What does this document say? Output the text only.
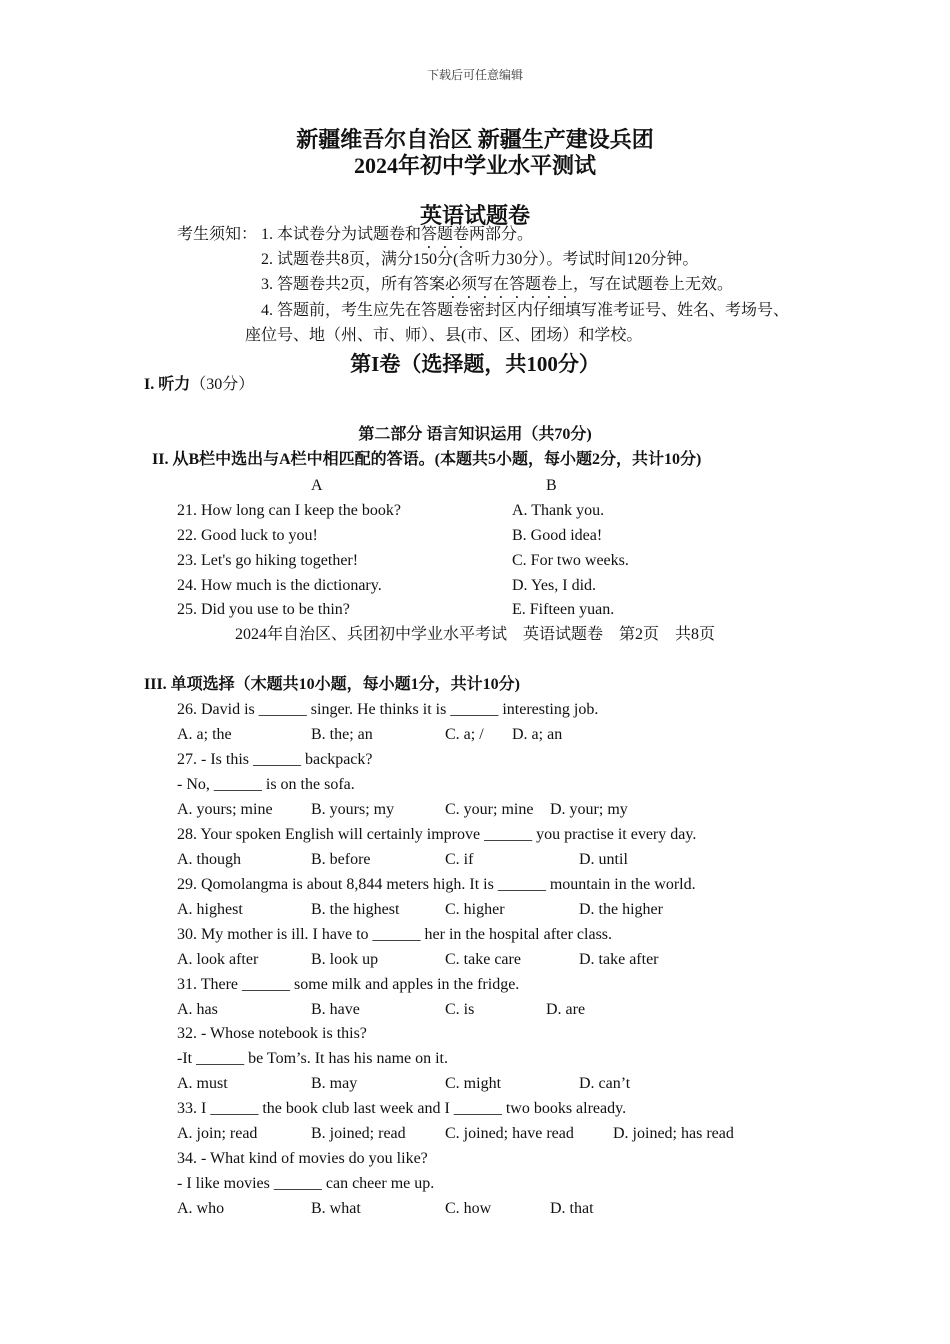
下载后可任意编辑
新疆维吾尔自治区 新疆生产建设兵团
2024年初中学业水平测试
英语试题卷
考生须知： 1. 本试卷分为试题卷和答题卷两部分。
2. 试题卷共8页，满分150分(含听力30分）。考试时间120分钟。
3. 答题卷共2页，所有答案必须写在答题卷上，写在试题卷上无效。
4. 答题前，考生应先在答题卷密封区内仔细填写准考证号、姓名、考场号、
座位号、地（州、市、师）、县(市、区、团场）和学校。
第I卷（选择题，共100分）
I. 听力（30分）
第二部分 语言知识运用（共70分)
II. 从B栏中选出与A栏中相匹配的答语。(本题共5小题，每小题2分，共计10分)
A	B
21. How long can I keep the book?	A. Thank you.
22. Good luck to you!	B. Good idea!
23. Let's go hiking together!	C. For two weeks.
24. How much is the dictionary.	D. Yes, I did.
25. Did you use to be thin?	E. Fifteen yuan.
2024年自治区、兵团初中学业水平考试　英语试题卷　第2页　共8页
III. 单项选择（木题共10小题，每小题1分，共计10分)
26. David is ______ singer. He thinks it is ______ interesting job.
A. a; the	B. the; an	C. a; / D. a; an
27. - Is this ______ backpack?
- No, ______ is on the sofa.
A. yours; mine B. yours; my	C. your; mine D. your; my
28. Your spoken English will certainly improve ______ you practise it every day.
A. though	B. before	C. if	D. until
29. Qomolangma is about 8,844 meters high. It is ______ mountain in the world.
A. highest	B. the highest	C. higher	D. the higher
30. My mother is ill. I have to ______ her in the hospital after class.
A. look after	B. look up	C. take care	D. take after
31. There ______ some milk and apples in the fridge.
A. has	B. have	C. is	D. are
32. - Whose notebook is this?
-It ______ be Tom’s. It has his name on it.
A. must	B. may	C. might	D. can’t
33. I ______ the book club last week and I ______ two books already.
A. join; read	B. joined; read C. joined; have read D. joined; has read
34. - What kind of movies do you like?
- I like movies ______ can cheer me up.
A. who	B. what	C. how	D. that
